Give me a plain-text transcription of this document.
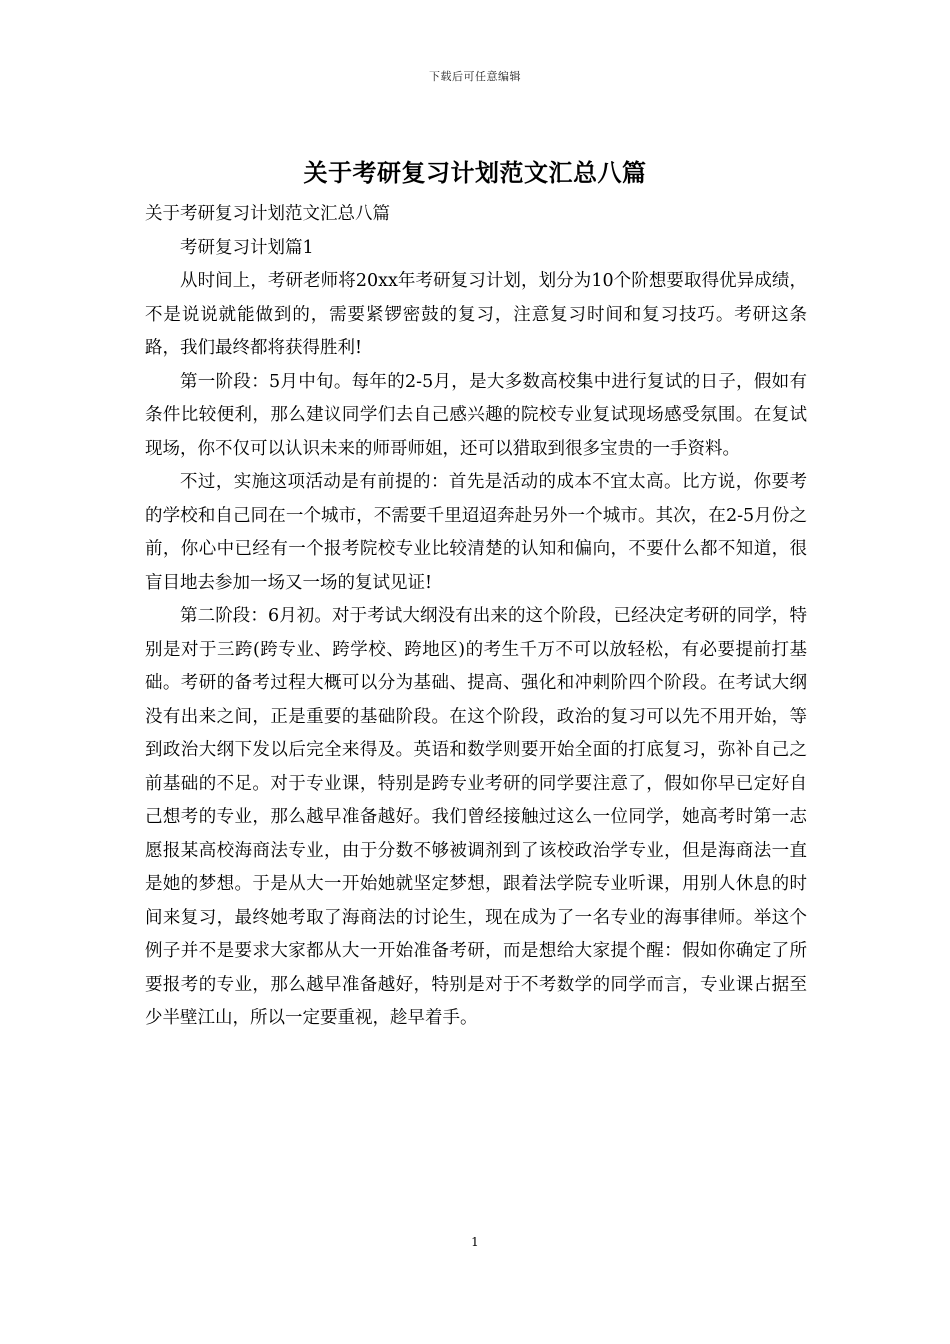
下载后可任意编辑
关于考研复习计划范文汇总八篇

关于考研复习计划范文汇总八篇

考研复习计划篇1

从时间上，考研老师将20xx年考研复习计划，划分为10个阶想要取得优异成绩，不是说说就能做到的，需要紧锣密鼓的复习，注意复习时间和复习技巧。考研这条路，我们最终都将获得胜利!

第一阶段：5月中旬。每年的2-5月，是大多数高校集中进行复试的日子，假如有条件比较便利，那么建议同学们去自己感兴趣的院校专业复试现场感受氛围。在复试现场，你不仅可以认识未来的师哥师姐，还可以猎取到很多宝贵的一手资料。

不过，实施这项活动是有前提的：首先是活动的成本不宜太高。比方说，你要考的学校和自己同在一个城市，不需要千里迢迢奔赴另外一个城市。其次，在2-5月份之前，你心中已经有一个报考院校专业比较清楚的认知和偏向，不要什么都不知道，很盲目地去参加一场又一场的复试见证!

第二阶段：6月初。对于考试大纲没有出来的这个阶段，已经决定考研的同学，特别是对于三跨(跨专业、跨学校、跨地区)的考生千万不可以放轻松，有必要提前打基础。考研的备考过程大概可以分为基础、提高、强化和冲刺阶四个阶段。在考试大纲没有出来之间，正是重要的基础阶段。在这个阶段，政治的复习可以先不用开始，等到政治大纲下发以后完全来得及。英语和数学则要开始全面的打底复习，弥补自己之前基础的不足。对于专业课，特别是跨专业考研的同学要注意了，假如你早已定好自己想考的专业，那么越早准备越好。我们曾经接触过这么一位同学，她高考时第一志愿报某高校海商法专业，由于分数不够被调剂到了该校政治学专业，但是海商法一直是她的梦想。于是从大一开始她就坚定梦想，跟着法学院专业听课，用别人休息的时间来复习，最终她考取了海商法的讨论生，现在成为了一名专业的海事律师。举这个例子并不是要求大家都从大一开始准备考研，而是想给大家提个醒：假如你确定了所要报考的专业，那么越早准备越好，特别是对于不考数学的同学而言，专业课占据至少半壁江山，所以一定要重视，趁早着手。

1
